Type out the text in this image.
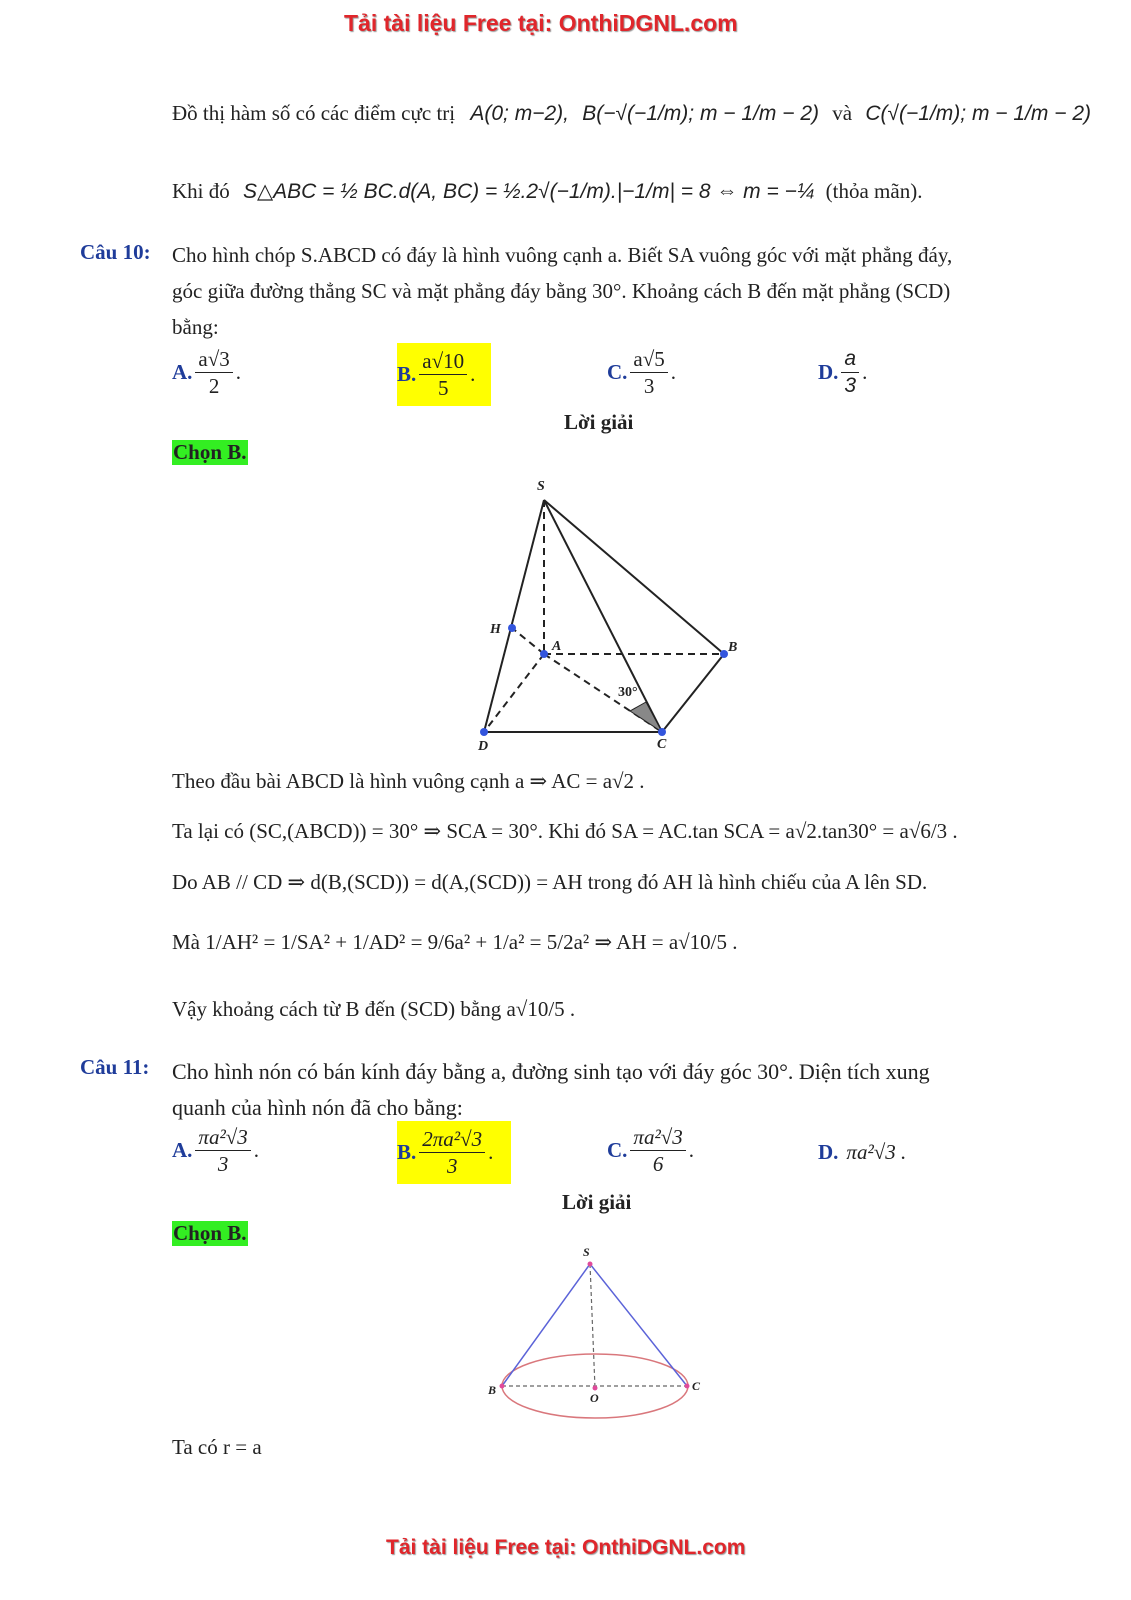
Tải tài liệu Free tại: OnthiDGNL.com
Đồ thị hàm số có các điểm cực trị A(0; m−2), B(−√(−1/m); m − 1/m − 2) và C(√(−1/m); m − 1/m − 2)
Khi đó S△ABC = ½ BC.d(A, BC) = ½.2√(−1/m).|−1/m| = 8 ⇔ m = −¼ (thỏa mãn).
Câu 10: Cho hình chóp S.ABCD có đáy là hình vuông cạnh a. Biết SA vuông góc với mặt phẳng đáy,
góc giữa đường thẳng SC và mặt phẳng đáy bằng 30°. Khoảng cách B đến mặt phẳng (SCD)
bằng:
A. $\frac{a√3}{2}$ .	B. $\frac{a√10}{5}$ .	C. $\frac{a√5}{3}$ .	D. $\frac{a}{3}$ .
Lời giải
Chọn B.
S
H
A	B
D	C
30°
Theo đầu bài ABCD là hình vuông cạnh a ⇒ AC = a√2 .
Ta lại có (SC,(ABCD)) = 30° ⇒ SCA = 30°. Khi đó SA = AC.tan SCA = a√2.tan30° = a√6/3 .
Do AB // CD ⇒ d(B,(SCD)) = d(A,(SCD)) = AH trong đó AH là hình chiếu của A lên SD.
Mà 1/AH² = 1/SA² + 1/AD² = 9/6a² + 1/a² = 5/2a² ⇒ AH = a√10/5 .
Vậy khoảng cách từ B đến (SCD) bằng a√10/5 .
Câu 11: Cho hình nón có bán kính đáy bằng a, đường sinh tạo với đáy góc 30°. Diện tích xung
quanh của hình nón đã cho bằng:
A. $\frac{\text{πa²√3}}{3}$ .	B. $\frac{\text{2πa²√3}}{3}$ .	C. $\frac{\text{πa²√3}}{6}$ .	D. πa²√3 .
Lời giải
Chọn B.
S
B
O
C
Ta có r = a
Tải tài liệu Free tại: OnthiDGNL.com
